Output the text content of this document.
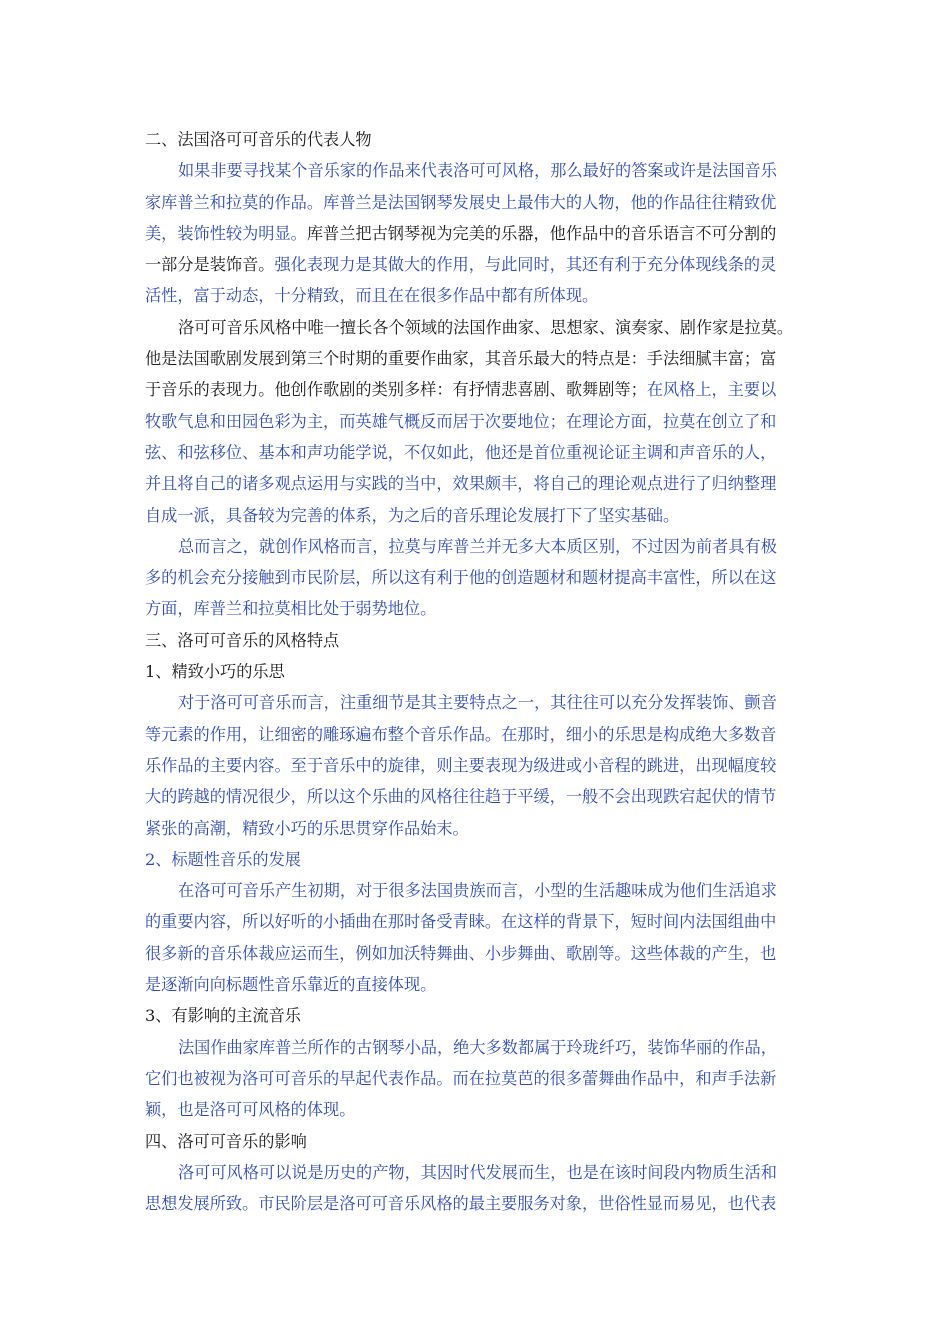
二、法国洛可可音乐的代表人物
如果非要寻找某个音乐家的作品来代表洛可可风格，那么最好的答案或许是法国音乐
家库普兰和拉莫的作品。库普兰是法国钢琴发展史上最伟大的人物，他的作品往往精致优
美，装饰性较为明显。库普兰把古钢琴视为完美的乐器，他作品中的音乐语言不可分割的
一部分是装饰音。强化表现力是其做大的作用，与此同时，其还有利于充分体现线条的灵
活性，富于动态，十分精致，而且在在很多作品中都有所体现。
洛可可音乐风格中唯一擅长各个领域的法国作曲家、思想家、演奏家、剧作家是拉莫。
他是法国歌剧发展到第三个时期的重要作曲家，其音乐最大的特点是：手法细腻丰富；富
于音乐的表现力。他创作歌剧的类别多样：有抒情悲喜剧、歌舞剧等；在风格上，主要以
牧歌气息和田园色彩为主，而英雄气概反而居于次要地位；在理论方面，拉莫在创立了和
弦、和弦移位、基本和声功能学说，不仅如此，他还是首位重视论证主调和声音乐的人，
并且将自己的诸多观点运用与实践的当中，效果颇丰，将自己的理论观点进行了归纳整理
自成一派，具备较为完善的体系，为之后的音乐理论发展打下了坚实基础。
总而言之，就创作风格而言，拉莫与库普兰并无多大本质区别，不过因为前者具有极
多的机会充分接触到市民阶层，所以这有利于他的创造题材和题材提高丰富性，所以在这
方面，库普兰和拉莫相比处于弱势地位。
三、洛可可音乐的风格特点
1、精致小巧的乐思
对于洛可可音乐而言，注重细节是其主要特点之一，其往往可以充分发挥装饰、颤音
等元素的作用，让细密的雕琢遍布整个音乐作品。在那时，细小的乐思是构成绝大多数音
乐作品的主要内容。至于音乐中的旋律，则主要表现为级进或小音程的跳进，出现幅度较
大的跨越的情况很少，所以这个乐曲的风格往往趋于平缓，一般不会出现跌宕起伏的情节
紧张的高潮，精致小巧的乐思贯穿作品始末。
2、标题性音乐的发展
在洛可可音乐产生初期，对于很多法国贵族而言，小型的生活趣味成为他们生活追求
的重要内容，所以好听的小插曲在那时备受青睐。在这样的背景下，短时间内法国组曲中
很多新的音乐体裁应运而生，例如加沃特舞曲、小步舞曲、歌剧等。这些体裁的产生，也
是逐渐向向标题性音乐靠近的直接体现。
3、有影响的主流音乐
法国作曲家库普兰所作的古钢琴小品，绝大多数都属于玲珑纤巧，装饰华丽的作品，
它们也被视为洛可可音乐的早起代表作品。而在拉莫芭的很多蕾舞曲作品中，和声手法新
颖，也是洛可可风格的体现。
四、洛可可音乐的影响
洛可可风格可以说是历史的产物，其因时代发展而生，也是在该时间段内物质生活和
思想发展所致。市民阶层是洛可可音乐风格的最主要服务对象，世俗性显而易见，也代表
